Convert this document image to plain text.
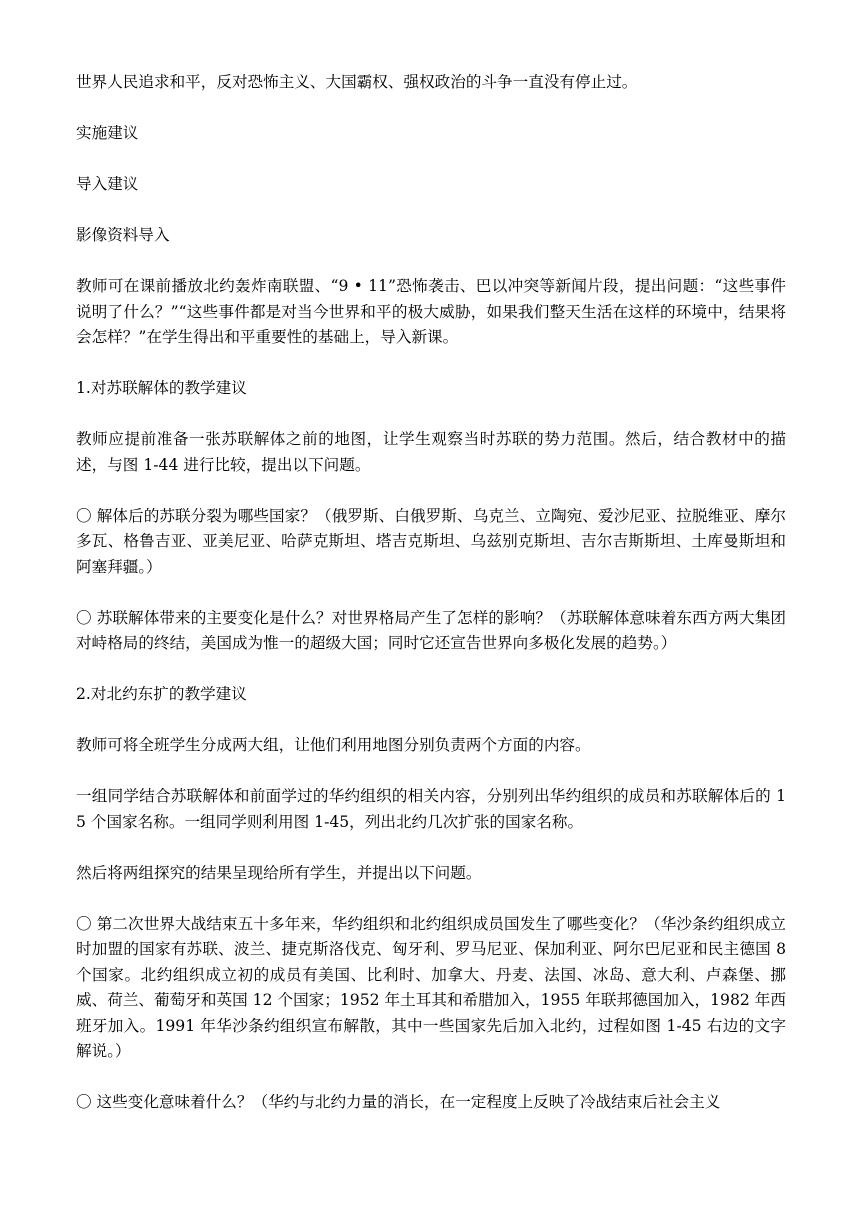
世界人民追求和平，反对恐怖主义、大国霸权、强权政治的斗争一直没有停止过。

实施建议

导入建议

影像资料导入

教师可在课前播放北约轰炸南联盟、“9 • 11”恐怖袭击、巴以冲突等新闻片段，提出问题：“这些事件说明了什么？”“这些事件都是对当今世界和平的极大威胁，如果我们整天生活在这样的环境中，结果将会怎样？”在学生得出和平重要性的基础上，导入新课。

1.对苏联解体的教学建议

教师应提前准备一张苏联解体之前的地图，让学生观察当时苏联的势力范围。然后，结合教材中的描述，与图 1-44 进行比较，提出以下问题。

〇 解体后的苏联分裂为哪些国家？（俄罗斯、白俄罗斯、乌克兰、立陶宛、爱沙尼亚、拉脱维亚、摩尔多瓦、格鲁吉亚、亚美尼亚、哈萨克斯坦、塔吉克斯坦、乌兹别克斯坦、吉尔吉斯斯坦、土库曼斯坦和阿塞拜疆。）

〇 苏联解体带来的主要变化是什么？对世界格局产生了怎样的影响？（苏联解体意味着东西方两大集团对峙格局的终结，美国成为惟一的超级大国；同时它还宣告世界向多极化发展的趋势。）

2.对北约东扩的教学建议

教师可将全班学生分成两大组，让他们利用地图分别负责两个方面的内容。

一组同学结合苏联解体和前面学过的华约组织的相关内容，分别列出华约组织的成员和苏联解体后的 15 个国家名称。一组同学则利用图 1-45，列出北约几次扩张的国家名称。

然后将两组探究的结果呈现给所有学生，并提出以下问题。

〇 第二次世界大战结束五十多年来，华约组织和北约组织成员国发生了哪些变化？（华沙条约组织成立时加盟的国家有苏联、波兰、捷克斯洛伐克、匈牙利、罗马尼亚、保加利亚、阿尔巴尼亚和民主德国 8 个国家。北约组织成立初的成员有美国、比利时、加拿大、丹麦、法国、冰岛、意大利、卢森堡、挪威、荷兰、葡萄牙和英国 12 个国家；1952 年土耳其和希腊加入，1955 年联邦德国加入，1982 年西班牙加入。1991 年华沙条约组织宣布解散，其中一些国家先后加入北约，过程如图 1-45 右边的文字解说。）

〇 这些变化意味着什么？（华约与北约力量的消长，在一定程度上反映了冷战结束后社会主义
